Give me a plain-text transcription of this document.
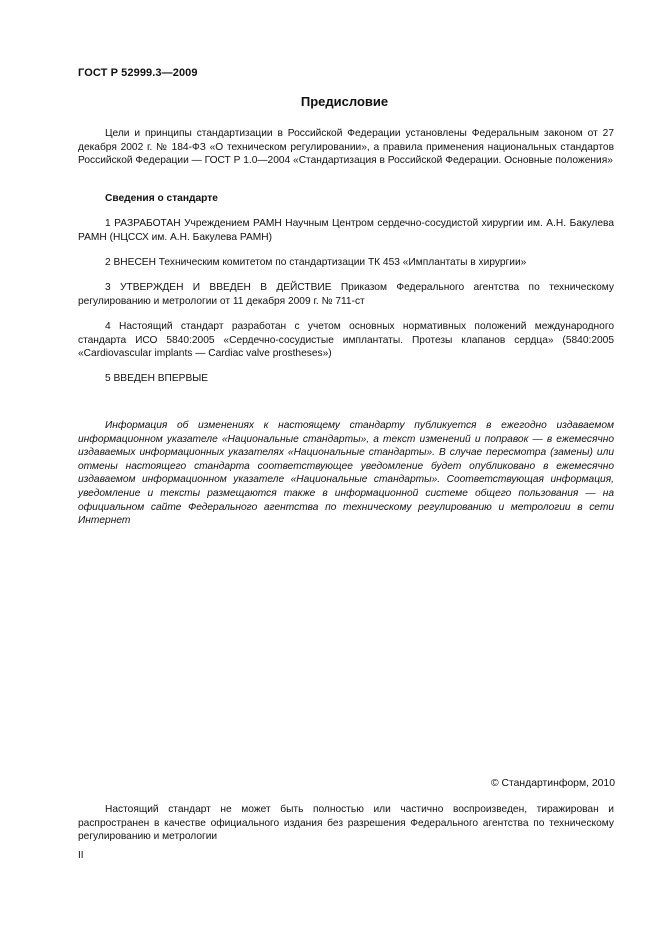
ГОСТ Р 52999.3—2009
Предисловие

Цели и принципы стандартизации в Российской Федерации установлены Федеральным законом от 27 декабря 2002 г. № 184-ФЗ «О техническом регулировании», а правила применения национальных стандартов Российской Федерации — ГОСТ Р 1.0—2004 «Стандартизация в Российской Федерации. Основные положения»

Сведения о стандарте

1 РАЗРАБОТАН Учреждением РАМН Научным Центром сердечно-сосудистой хирургии им. А.Н. Бакулева РАМН (НЦССХ им. А.Н. Бакулева РАМН)

2 ВНЕСЕН Техническим комитетом по стандартизации ТК 453 «Имплантаты в хирургии»

3 УТВЕРЖДЕН И ВВЕДЕН В ДЕЙСТВИЕ Приказом Федерального агентства по техническому регулированию и метрологии от 11 декабря 2009 г. № 711-ст

4 Настоящий стандарт разработан с учетом основных нормативных положений международного стандарта ИСО 5840:2005 «Сердечно-сосудистые имплантаты. Протезы клапанов сердца» (5840:2005 «Cardiovascular implants — Cardiac valve prostheses»)

5 ВВЕДЕН ВПЕРВЫЕ

Информация об изменениях к настоящему стандарту публикуется в ежегодно издаваемом информационном указателе «Национальные стандарты», а текст изменений и поправок — в ежемесячно издаваемых информационных указателях «Национальные стандарты». В случае пересмотра (замены) или отмены настоящего стандарта соответствующее уведомление будет опубликовано в ежемесячно издаваемом информационном указателе «Национальные стандарты». Соответствующая информация, уведомление и тексты размещаются также в информационной системе общего пользования — на официальном сайте Федерального агентства по техническому регулированию и метрологии в сети Интернет

© Стандартинформ, 2010

Настоящий стандарт не может быть полностью или частично воспроизведен, тиражирован и распространен в качестве официального издания без разрешения Федерального агентства по техническому регулированию и метрологии

II
